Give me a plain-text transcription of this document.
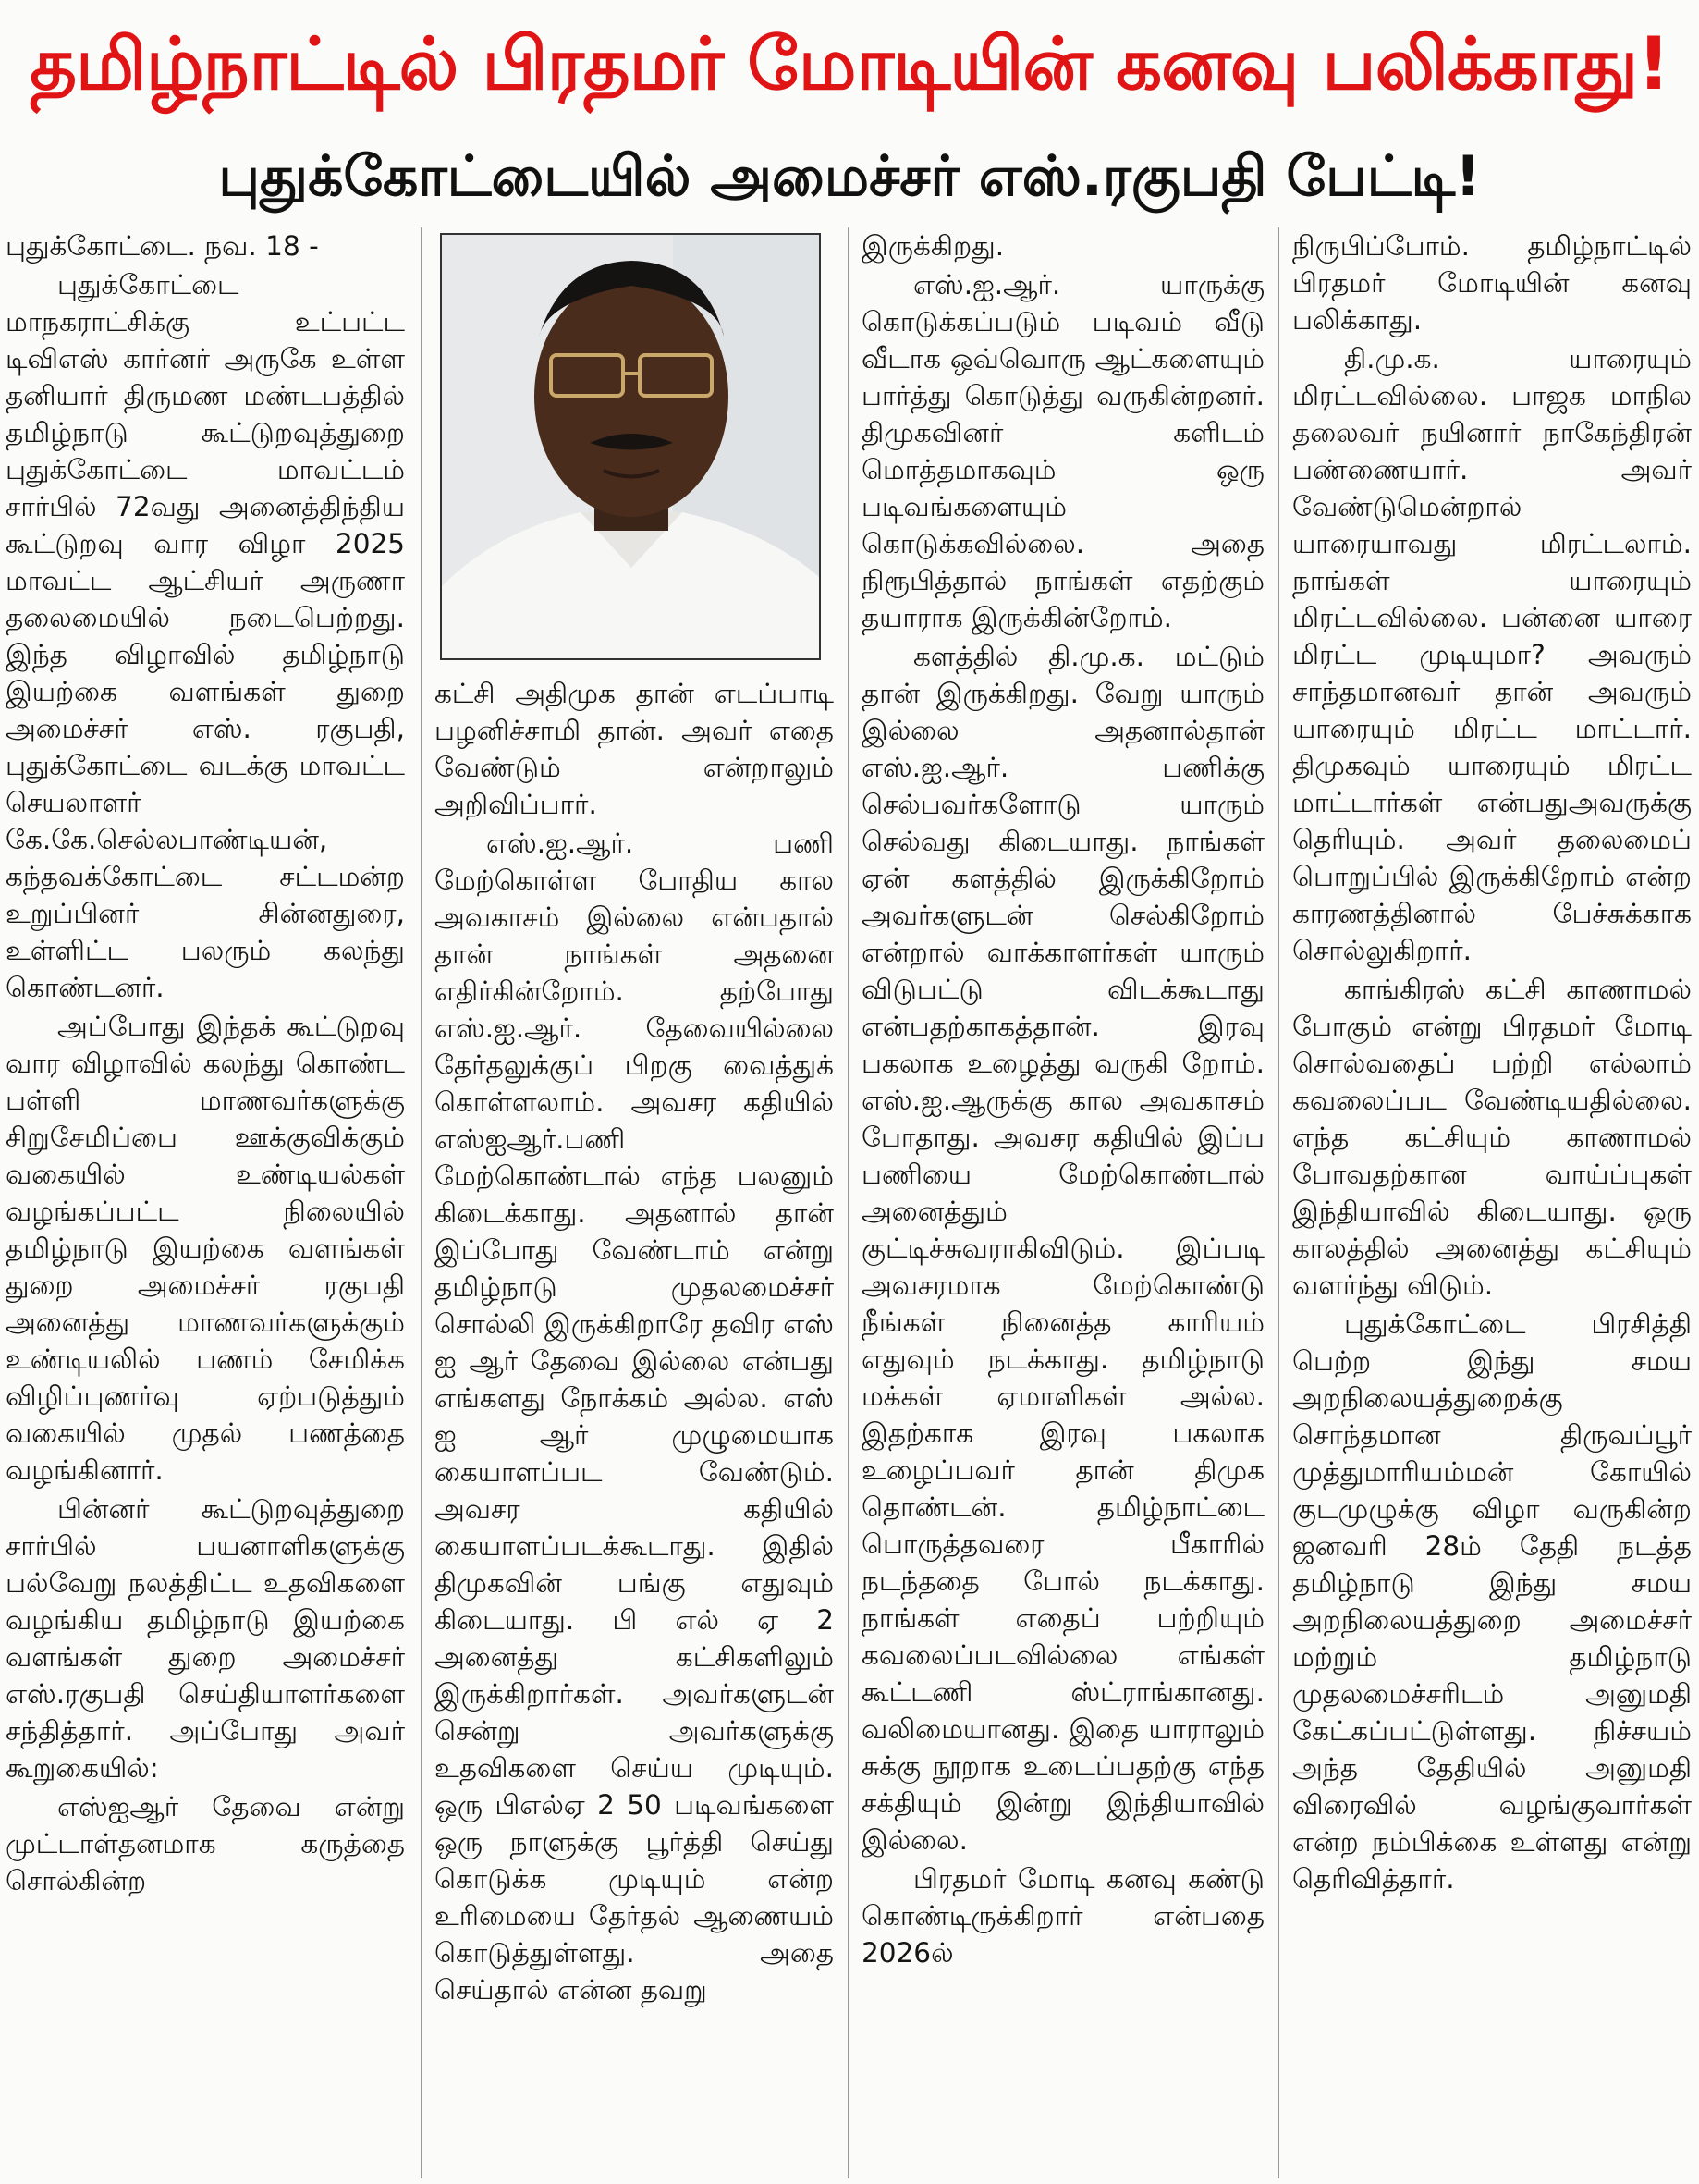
தமிழ்நாட்டில் பிரதமர் மோடியின் கனவு பலிக்காது!
புதுக்கோட்டையில் அமைச்சர் எஸ்.ரகுபதி பேட்டி!

புதுக்கோட்டை. நவ. 18 -

புதுக்கோட்டை மாநகராட்சிக்கு உட்பட்ட டிவிஎஸ் கார்னர் அருகே உள்ள தனியார் திருமண மண்டபத்தில் தமிழ்நாடு கூட்டுறவுத்துறை புதுக்கோட்டை மாவட்டம் சார்பில் 72வது அனைத்திந்திய கூட்டுறவு வார விழா 2025 மாவட்ட ஆட்சியர் அருணா தலைமையில் நடைபெற்றது. இந்த விழாவில் தமிழ்நாடு இயற்கை வளங்கள் துறை அமைச்சர் எஸ். ரகுபதி, புதுக்கோட்டை வடக்கு மாவட்ட செயலாளர் கே.கே.செல்லபாண்டியன், கந்தவக்கோட்டை சட்டமன்ற உறுப்பினர் சின்னதுரை, உள்ளிட்ட பலரும் கலந்து கொண்டனர்.

அப்போது இந்தக் கூட்டுறவு வார விழாவில் கலந்து கொண்ட பள்ளி மாணவர்களுக்கு சிறுசேமிப்பை ஊக்குவிக்கும் வகையில் உண்டியல்கள் வழங்கப்பட்ட நிலையில் தமிழ்நாடு இயற்கை வளங்கள் துறை அமைச்சர் ரகுபதி அனைத்து மாணவர்களுக்கும் உண்டியலில் பணம் சேமிக்க விழிப்புணர்வு ஏற்படுத்தும் வகையில் முதல் பணத்தை வழங்கினார்.

பின்னர் கூட்டுறவுத்துறை சார்பில் பயனாளிகளுக்கு பல்வேறு நலத்திட்ட உதவிகளை வழங்கிய தமிழ்நாடு இயற்கை வளங்கள் துறை அமைச்சர் எஸ்.ரகுபதி செய்தியாளர்களை சந்தித்தார். அப்போது அவர் கூறுகையில்:

எஸ்ஐஆர் தேவை என்று முட்டாள்தனமாக கருத்தை சொல்கின்ற

கட்சி அதிமுக தான் எடப்பாடி பழனிச்சாமி தான். அவர் எதை வேண்டும் என்றாலும் அறிவிப்பார்.

எஸ்.ஐ.ஆர். பணி மேற்கொள்ள போதிய கால அவகாசம் இல்லை என்பதால் தான் நாங்கள் அதனை எதிர்கின்றோம். தற்போது எஸ்.ஐ.ஆர். தேவையில்லை தேர்தலுக்குப் பிறகு வைத்துக் கொள்ளலாம். அவசர கதியில் எஸ்ஐஆர்.பணி மேற்கொண்டால் எந்த பலனும் கிடைக்காது. அதனால் தான் இப்போது வேண்டாம் என்று தமிழ்நாடு முதலமைச்சர் சொல்லி இருக்கிறாரே தவிர எஸ் ஐ ஆர் தேவை இல்லை என்பது எங்களது நோக்கம் அல்ல. எஸ் ஐ ஆர் முழுமையாக கையாளப்பட வேண்டும். அவசர கதியில் கையாளப்படக்கூடாது. இதில் திமுகவின் பங்கு எதுவும் கிடையாது. பி எல் ஏ 2 அனைத்து கட்சிகளிலும் இருக்கிறார்கள். அவர்களுடன் சென்று அவர்களுக்கு உதவிகளை செய்ய முடியும். ஒரு பிஎல்ஏ 2 50 படிவங்களை ஒரு நாளுக்கு பூர்த்தி செய்து கொடுக்க முடியும் என்ற உரிமையை தேர்தல் ஆணையம் கொடுத்துள்ளது. அதை செய்தால் என்ன தவறு

இருக்கிறது.

எஸ்.ஐ.ஆர். யாருக்கு கொடுக்கப்படும் படிவம் வீடு வீடாக ஒவ்வொரு ஆட்களையும் பார்த்து கொடுத்து வருகின்றனர். திமுகவினர் களிடம் மொத்தமாகவும் ஒரு படிவங்களையும் கொடுக்கவில்லை. அதை நிரூபித்தால் நாங்கள் எதற்கும் தயாராக இருக்கின்றோம்.

களத்தில் தி.மு.க. மட்டும் தான் இருக்கிறது. வேறு யாரும் இல்லை அதனால்தான் எஸ்.ஐ.ஆர். பணிக்கு செல்பவர்களோடு யாரும் செல்வது கிடையாது. நாங்கள் ஏன் களத்தில் இருக்கிறோம் அவர்களுடன் செல்கிறோம் என்றால் வாக்காளர்கள் யாரும் விடுபட்டு விடக்கூடாது என்பதற்காகத்தான். இரவு பகலாக உழைத்து வருகி றோம். எஸ்.ஐ.ஆருக்கு கால அவகாசம் போதாது. அவசர கதியில் இப்ப பணியை மேற்கொண்டால் அனைத்தும் குட்டிச்சுவராகிவிடும். இப்படி அவசரமாக மேற்கொண்டு நீங்கள் நினைத்த காரியம் எதுவும் நடக்காது. தமிழ்நாடு மக்கள் ஏமாளிகள் அல்ல. இதற்காக இரவு பகலாக உழைப்பவர் தான் திமுக தொண்டன். தமிழ்நாட்டை பொருத்தவரை பீகாரில் நடந்ததை போல் நடக்காது. நாங்கள் எதைப் பற்றியும் கவலைப்படவில்லை எங்கள் கூட்டணி ஸ்ட்ராங்கானது. வலிமையானது. இதை யாராலும் சுக்கு நூறாக உடைப்பதற்கு எந்த சக்தியும் இன்று இந்தியாவில் இல்லை.

பிரதமர் மோடி கனவு கண்டு கொண்டிருக்கிறார் என்பதை 2026ல்

நிருபிப்போம். தமிழ்நாட்டில் பிரதமர் மோடியின் கனவு பலிக்காது.

தி.மு.க. யாரையும் மிரட்டவில்லை. பாஜக மாநில தலைவர் நயினார் நாகேந்திரன் பண்ணையார். அவர் வேண்டுமென்றால் யாரையாவது மிரட்டலாம். நாங்கள் யாரையும் மிரட்டவில்லை. பன்னை யாரை மிரட்ட முடியுமா? அவரும் சாந்தமானவர் தான் அவரும் யாரையும் மிரட்ட மாட்டார். திமுகவும் யாரையும் மிரட்ட மாட்டார்கள் என்பதுஅவருக்கு தெரியும். அவர் தலைமைப் பொறுப்பில் இருக்கிறோம் என்ற காரணத்தினால் பேச்சுக்காக சொல்லுகிறார்.

காங்கிரஸ் கட்சி காணாமல் போகும் என்று பிரதமர் மோடி சொல்வதைப் பற்றி எல்லாம் கவலைப்பட வேண்டியதில்லை. எந்த கட்சியும் காணாமல் போவதற்கான வாய்ப்புகள் இந்தியாவில் கிடையாது. ஒரு காலத்தில் அனைத்து கட்சியும் வளர்ந்து விடும்.

புதுக்கோட்டை பிரசித்தி பெற்ற இந்து சமய அறநிலையத்துறைக்கு சொந்தமான திருவப்பூர் முத்துமாரியம்மன் கோயில் குடமுழுக்கு விழா வருகின்ற ஜனவரி 28ம் தேதி நடத்த தமிழ்நாடு இந்து சமய அறநிலையத்துறை அமைச்சர் மற்றும் தமிழ்நாடு முதலமைச்சரிடம் அனுமதி கேட்கப்பட்டுள்ளது. நிச்சயம் அந்த தேதியில் அனுமதி விரைவில் வழங்குவார்கள் என்ற நம்பிக்கை உள்ளது என்று தெரிவித்தார்.
